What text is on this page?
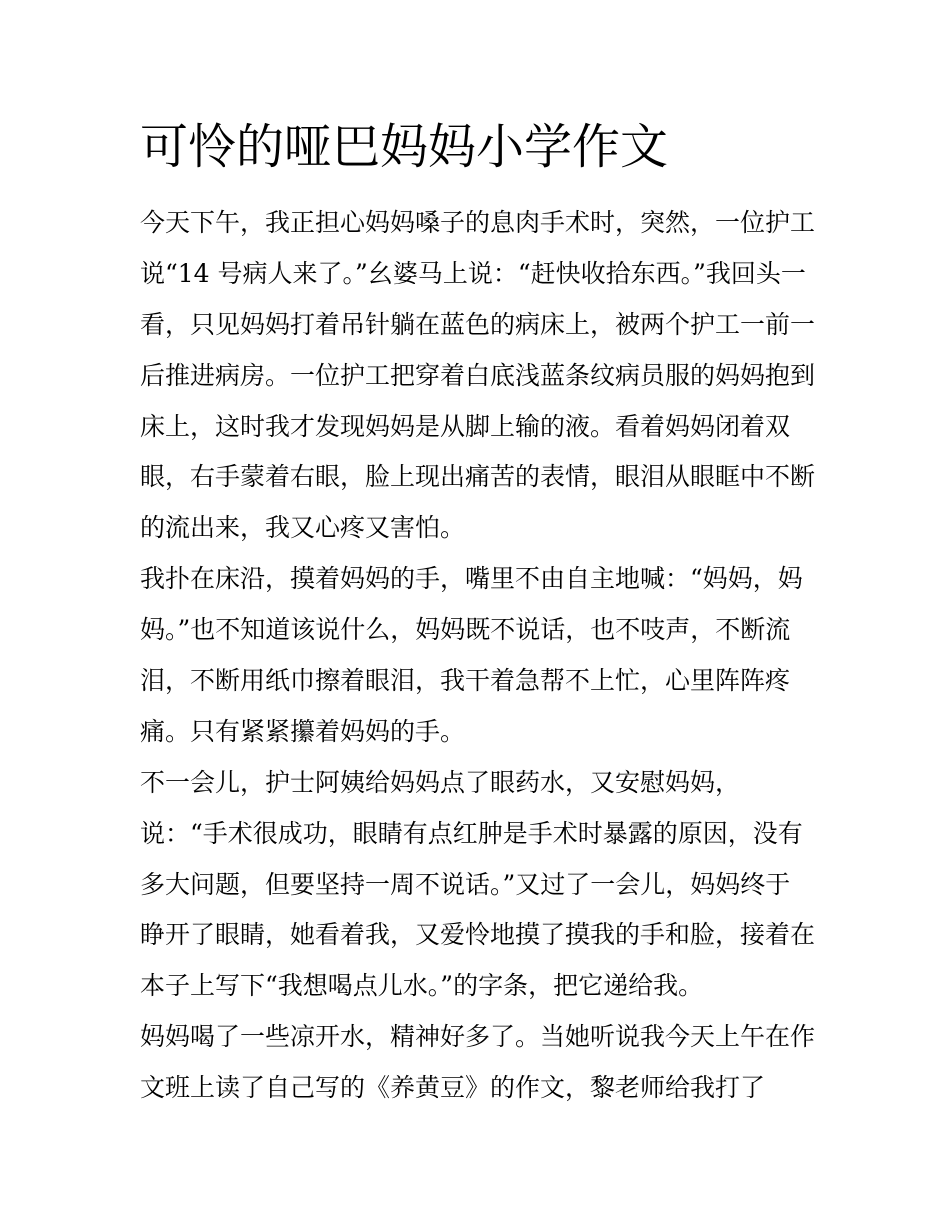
可怜的哑巴妈妈小学作文
今天下午，我正担心妈妈嗓子的息肉手术时，突然，一位护工
说“14 号病人来了。”幺婆马上说：“赶快收拾东西。”我回头一
看，只见妈妈打着吊针躺在蓝色的病床上，被两个护工一前一
后推进病房。一位护工把穿着白底浅蓝条纹病员服的妈妈抱到
床上，这时我才发现妈妈是从脚上输的液。看着妈妈闭着双
眼，右手蒙着右眼，脸上现出痛苦的表情，眼泪从眼眶中不断
的流出来，我又心疼又害怕。
我扑在床沿，摸着妈妈的手，嘴里不由自主地喊：“妈妈，妈
妈。”也不知道该说什么，妈妈既不说话，也不吱声，不断流
泪，不断用纸巾擦着眼泪，我干着急帮不上忙，心里阵阵疼
痛。只有紧紧攥着妈妈的手。
不一会儿，护士阿姨给妈妈点了眼药水，又安慰妈妈，
说：“手术很成功，眼睛有点红肿是手术时暴露的原因，没有
多大问题，但要坚持一周不说话。”又过了一会儿，妈妈终于
睁开了眼睛，她看着我，又爱怜地摸了摸我的手和脸，接着在
本子上写下“我想喝点儿水。”的字条，把它递给我。
妈妈喝了一些凉开水，精神好多了。当她听说我今天上午在作
文班上读了自己写的《养黄豆》的作文，黎老师给我打了
